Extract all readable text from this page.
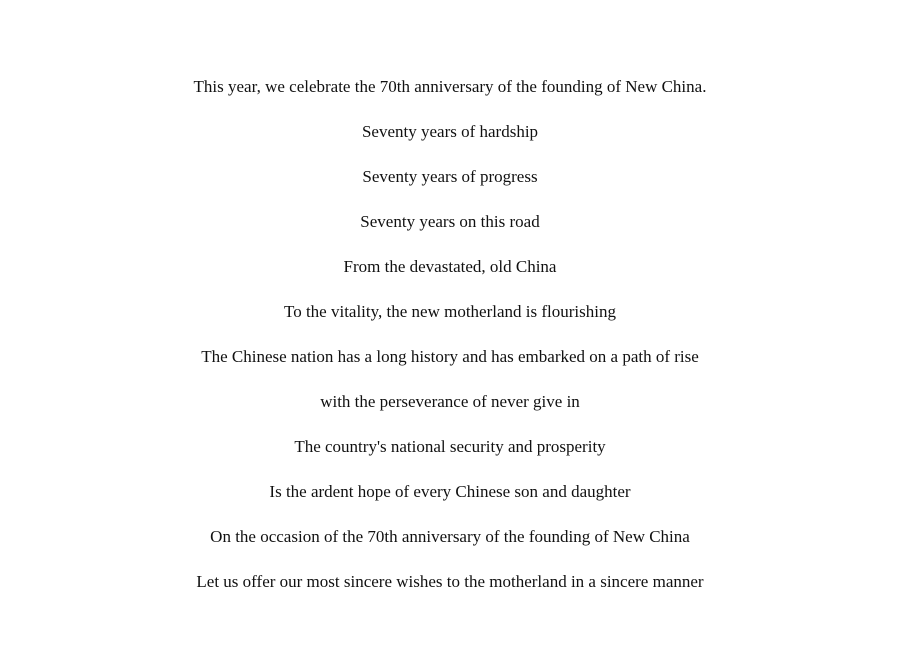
This year, we celebrate the 70th anniversary of the founding of New China.
Seventy years of hardship
Seventy years of progress
Seventy years on this road
From the devastated, old China
To the vitality, the new motherland is flourishing
The Chinese nation has a long history and has embarked on a path of rise
with the perseverance of never give in
The country's national security and prosperity
Is the ardent hope of every Chinese son and daughter
On the occasion of the 70th anniversary of the founding of New China
Let us offer our most sincere wishes to the motherland in a sincere manner
